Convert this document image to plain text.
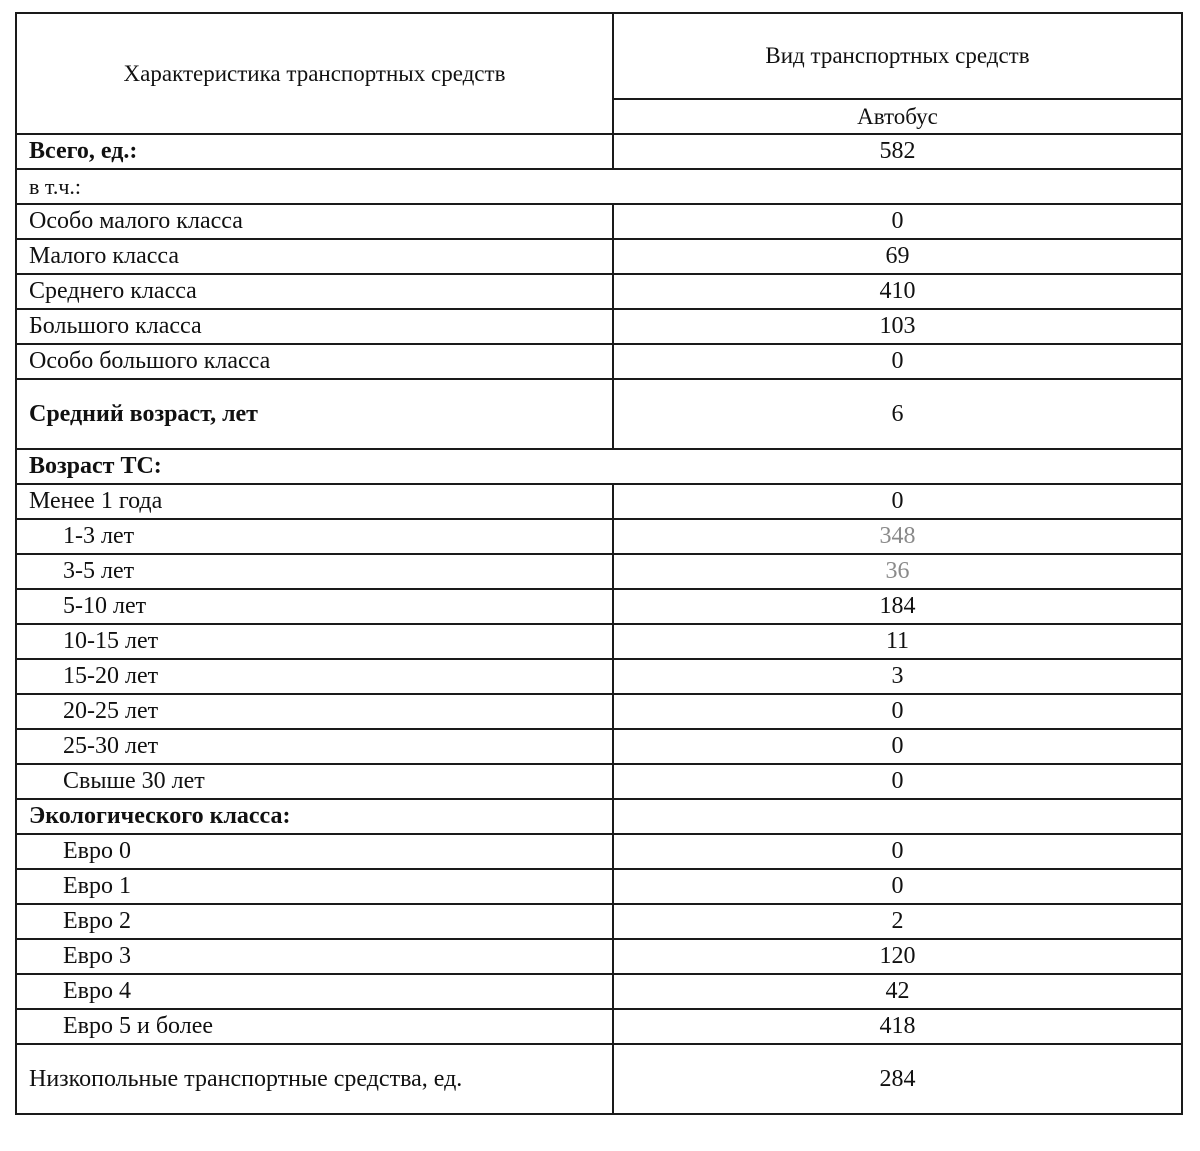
Характеристика транспортных средств	Вид транспортных средств
	Автобус
Всего, ед.:	582
в т.ч.:	
Особо малого класса	0
Малого класса	69
Среднего класса	410
Большого класса	103
Особо большого класса	0
Средний возраст, лет	6
Возраст ТС:	
Менее 1 года	0
1-3 лет	348
3-5 лет	36
5-10 лет	184
10-15 лет	11
15-20 лет	3
20-25 лет	0
25-30 лет	0
Свыше 30 лет	0
Экологического класса:	
Евро 0	0
Евро 1	0
Евро 2	2
Евро 3	120
Евро 4	42
Евро 5 и более	418
Низкопольные транспортные средства, ед.	284
